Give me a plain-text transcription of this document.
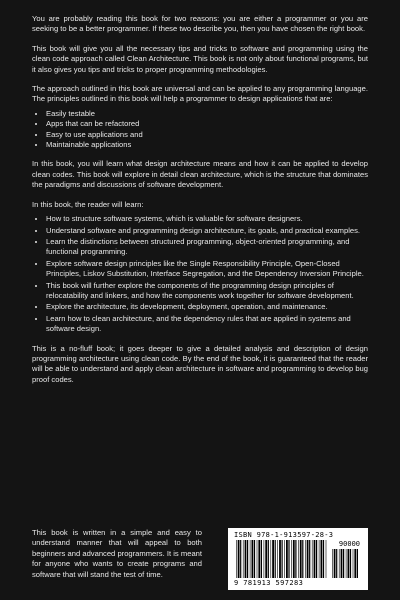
You are probably reading this book for two reasons: you are either a programmer or you are seeking to be a better programmer. If these two describe you, then you have chosen the right book.

This book will give you all the necessary tips and tricks to software and programming using the clean code approach called Clean Architecture. This book is not only about functional programs, but it also gives you tips and tricks to proper programming methodologies.

The approach outlined in this book are universal and can be applied to any programming language. The principles outlined in this book will help a programmer to design applications that are:

• Easily testable
• Apps that can be refactored
• Easy to use applications and
• Maintainable applications

In this book, you will learn what design architecture means and how it can be applied to develop clean codes. This book will explore in detail clean architecture, which is the structure that dominates the paradigms and discussions of software development.

In this book, the reader will learn:

• How to structure software systems, which is valuable for software designers.
• Understand software and programming design architecture, its goals, and practical examples.
• Learn the distinctions between structured programming, object-oriented programming, and functional programming.
• Explore software design principles like the Single Responsibility Principle, Open-Closed Principles, Liskov Substitution, Interface Segregation, and the Dependency Inversion Principle.
• This book will further explore the components of the programming design principles of relocatability and linkers, and how the components work together for software development.
• Explore the architecture, its development, deployment, operation, and maintenance.
• Learn how to clean architecture, and the dependency rules that are applied in systems and software design.

This is a no-fluff book; it goes deeper to give a detailed analysis and description of design programming architecture using clean code. By the end of the book, it is guaranteed that the reader will be able to understand and apply clean architecture in software and programming to develop bug proof codes.

This book is written in a simple and easy to understand manner that will appeal to both beginners and advanced programmers. It is meant for anyone who wants to create programs and software that will stand the test of time.

ISBN 978-1-913597-28-3
90000
9 781913 597283
